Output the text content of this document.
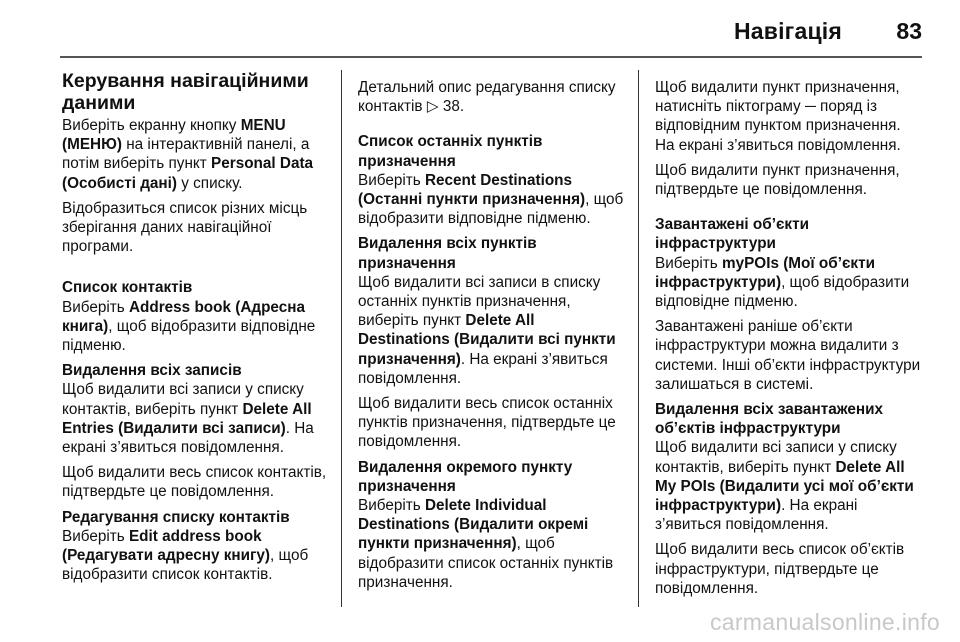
Навігація 83
Керування навігаційними даними

Виберіть екранну кнопку MENU (МЕНЮ) на інтерактивній панелі, а потім виберіть пункт Personal Data (Особисті дані) у списку.

Відобразиться список різних місць зберігання даних навігаційної програми.

Список контактів

Виберіть Address book (Адресна книга), щоб відобразити відповідне підменю.

Видалення всіх записів

Щоб видалити всі записи у списку контактів, виберіть пункт Delete All Entries (Видалити всі записи). На екрані з’явиться повідомлення.

Щоб видалити весь список контактів, підтвердьте це повідомлення.

Редагування списку контактів

Виберіть Edit address book (Редагувати адресну книгу), щоб відобразити список контактів.

Детальний опис редагування списку контактів ▷ 38.

Список останніх пунктів призначення

Виберіть Recent Destinations (Останні пункти призначення), щоб відобразити відповідне підменю.

Видалення всіх пунктів призначення

Щоб видалити всі записи в списку останніх пунктів призначення, виберіть пункт Delete All Destinations (Видалити всі пункти призначення). На екрані з’явиться повідомлення.

Щоб видалити весь список останніх пунктів призначення, підтвердьте це повідомлення.

Видалення окремого пункту призначення

Виберіть Delete Individual Destinations (Видалити окремі пункти призначення), щоб відобразити список останніх пунктів призначення.

Щоб видалити пункт призначення, натисніть піктограму ─ поряд із відповідним пунктом призначення. На екрані з’явиться повідомлення.

Щоб видалити пункт призначення, підтвердьте це повідомлення.

Завантажені об’єкти інфраструктури

Виберіть myPOIs (Мої об’єкти інфраструктури), щоб відобразити відповідне підменю.

Завантажені раніше об’єкти інфраструктури можна видалити з системи. Інші об’єкти інфраструктури залишаться в системі.

Видалення всіх завантажених об’єктів інфраструктури

Щоб видалити всі записи у списку контактів, виберіть пункт Delete All My POIs (Видалити усі мої об’єкти інфраструктури). На екрані з’явиться повідомлення.

Щоб видалити весь список об’єктів інфраструктури, підтвердьте це повідомлення.

carmanualsonline.info
